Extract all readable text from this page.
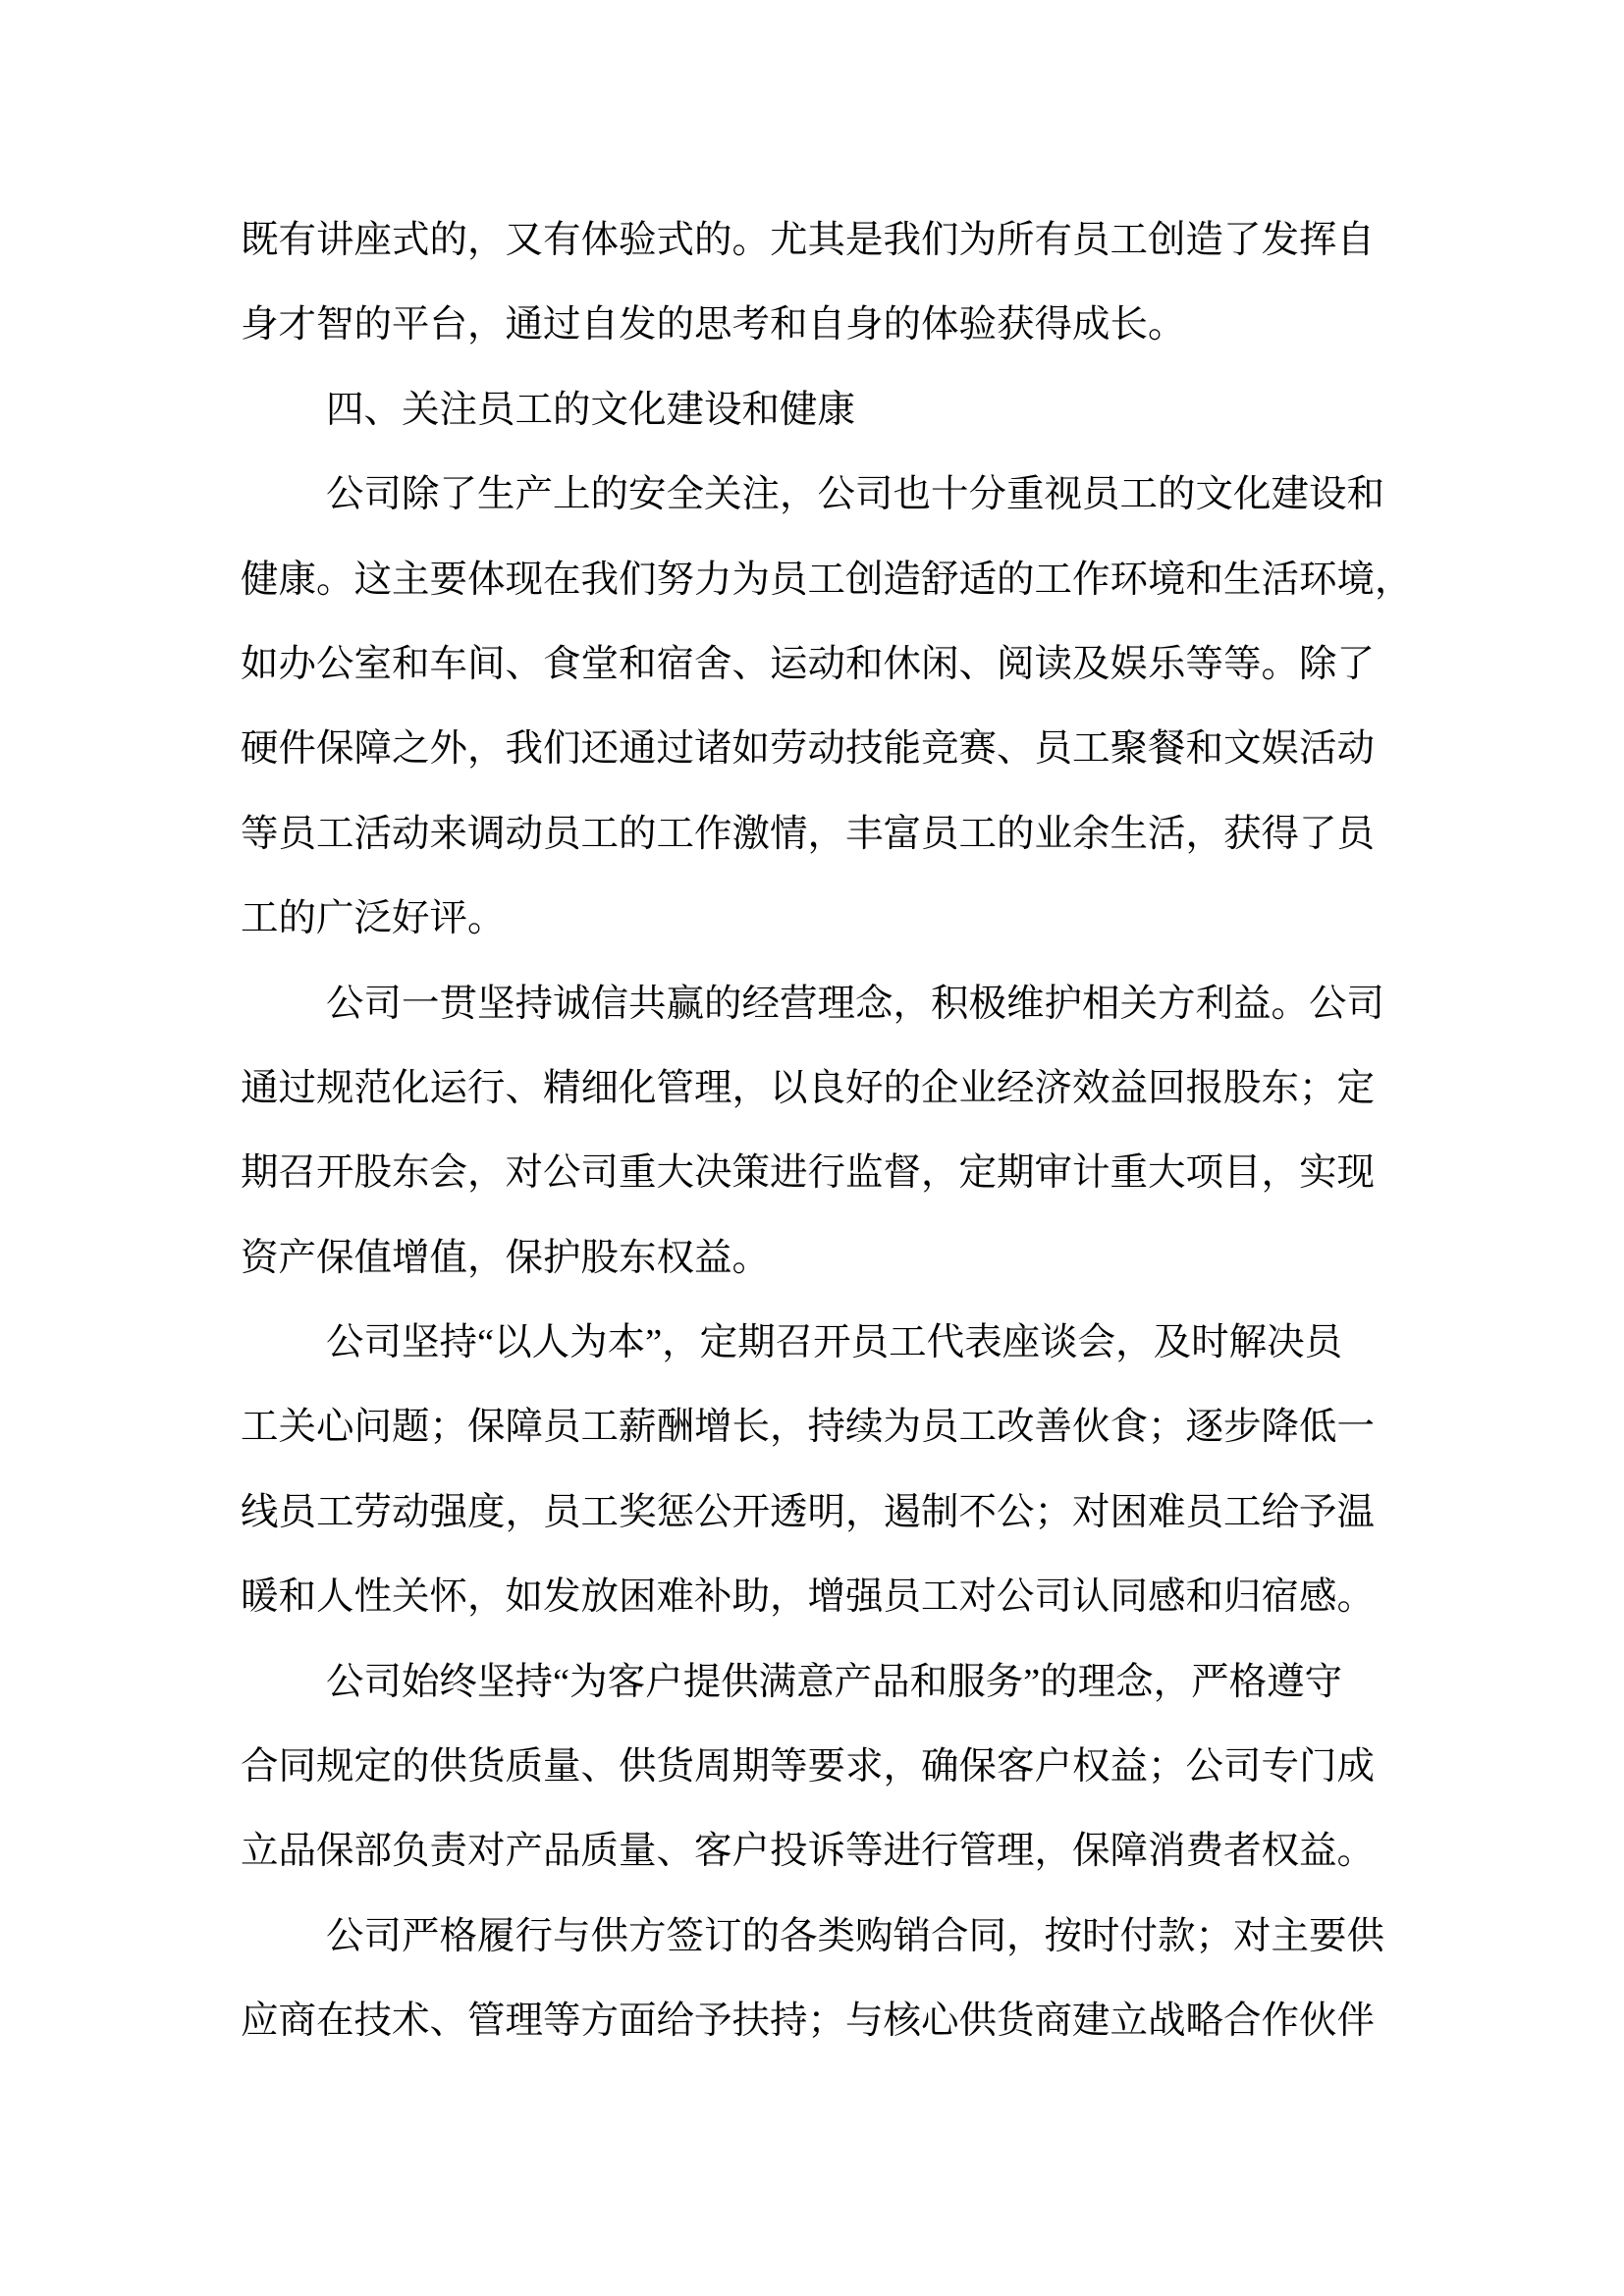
既有讲座式的，又有体验式的。尤其是我们为所有员工创造了发挥自
身才智的平台，通过自发的思考和自身的体验获得成长。
四、关注员工的文化建设和健康
公司除了生产上的安全关注，公司也十分重视员工的文化建设和
健康。这主要体现在我们努力为员工创造舒适的工作环境和生活环境，
如办公室和车间、食堂和宿舍、运动和休闲、阅读及娱乐等等。除了
硬件保障之外，我们还通过诸如劳动技能竞赛、员工聚餐和文娱活动
等员工活动来调动员工的工作激情，丰富员工的业余生活，获得了员
工的广泛好评。
公司一贯坚持诚信共赢的经营理念，积极维护相关方利益。公司
通过规范化运行、精细化管理，以良好的企业经济效益回报股东；定
期召开股东会，对公司重大决策进行监督，定期审计重大项目，实现
资产保值增值，保护股东权益。
公司坚持“以人为本”，定期召开员工代表座谈会，及时解决员
工关心问题；保障员工薪酬增长，持续为员工改善伙食；逐步降低一
线员工劳动强度，员工奖惩公开透明，遏制不公；对困难员工给予温
暖和人性关怀，如发放困难补助，增强员工对公司认同感和归宿感。
公司始终坚持“为客户提供满意产品和服务”的理念，严格遵守
合同规定的供货质量、供货周期等要求，确保客户权益；公司专门成
立品保部负责对产品质量、客户投诉等进行管理，保障消费者权益。
公司严格履行与供方签订的各类购销合同，按时付款；对主要供
应商在技术、管理等方面给予扶持；与核心供货商建立战略合作伙伴
